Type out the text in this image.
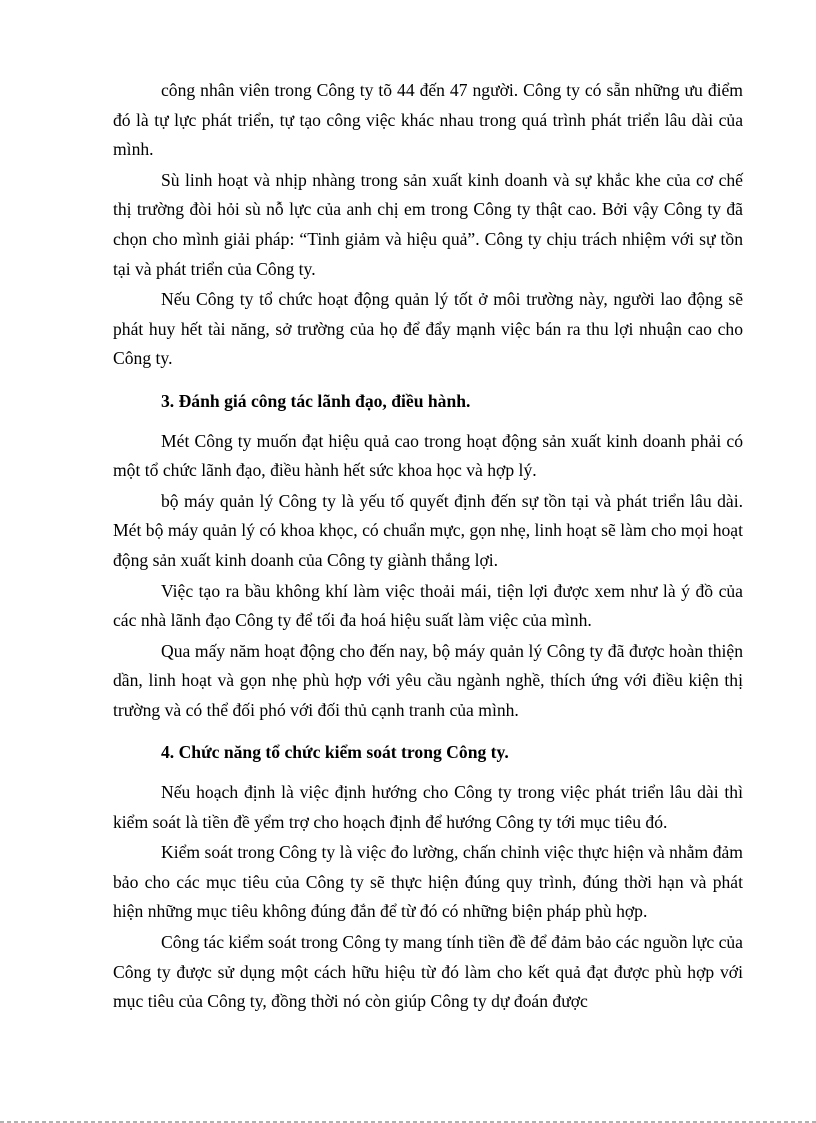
công nhân viên trong Công ty tõ 44 đến 47 người. Công ty có sẵn những ưu điểm đó là tự lực phát triển, tự tạo công việc khác nhau trong quá trình phát triển lâu dài của mình.

Sù linh hoạt và nhịp nhàng trong sản xuất kinh doanh và sự khắc khe của cơ chế thị trường đòi hỏi sù nỗ lực của anh chị em trong Công ty thật cao. Bởi vậy Công ty đã chọn cho mình giải pháp: “Tinh giảm và hiệu quả”. Công ty chịu trách nhiệm với sự tồn tại và phát triển của Công ty.

Nếu Công ty tổ chức hoạt động quản lý tốt ở môi trường này, người lao động sẽ phát huy hết tài năng, sở trường của họ để đẩy mạnh việc bán ra thu lợi nhuận cao cho Công ty.

3. Đánh giá công tác lãnh đạo, điều hành.

Mét Công ty muốn đạt hiệu quả cao trong hoạt động sản xuất kinh doanh phải có một tổ chức lãnh đạo, điều hành hết sức khoa học và hợp lý.

bộ máy quản lý Công ty là yếu tố quyết định đến sự tồn tại và phát triển lâu dài. Mét bộ máy quản lý có khoa khọc, có chuẩn mực, gọn nhẹ, linh hoạt sẽ làm cho mọi hoạt động sản xuất kinh doanh của Công ty giành thắng lợi.

Việc tạo ra bầu không khí làm việc thoải mái, tiện lợi được xem như là ý đồ của các nhà lãnh đạo Công ty để tối đa hoá hiệu suất làm việc của mình.

Qua mấy năm hoạt động cho đến nay, bộ máy quản lý Công ty đã được hoàn thiện dần, linh hoạt và gọn nhẹ phù hợp với yêu cầu ngành nghề, thích ứng với điều kiện thị trường và có thể đối phó với đối thủ cạnh tranh của mình.

4. Chức năng tổ chức kiểm soát trong Công ty.

Nếu hoạch định là việc định hướng cho Công ty trong việc phát triển lâu dài thì kiểm soát là tiền đề yểm trợ cho hoạch định để hướng Công ty tới mục tiêu đó.

Kiểm soát trong Công ty là việc đo lường, chấn chỉnh việc thực hiện và nhằm đảm bảo cho các mục tiêu của Công ty sẽ thực hiện đúng quy trình, đúng thời hạn và phát hiện những mục tiêu không đúng đắn để từ đó có những biện pháp phù hợp.

Công tác kiểm soát trong Công ty mang tính tiền đề để đảm bảo các nguồn lực của Công ty được sử dụng một cách hữu hiệu từ đó làm cho kết quả đạt được phù hợp với mục tiêu của Công ty, đồng thời nó còn giúp Công ty dự đoán được
